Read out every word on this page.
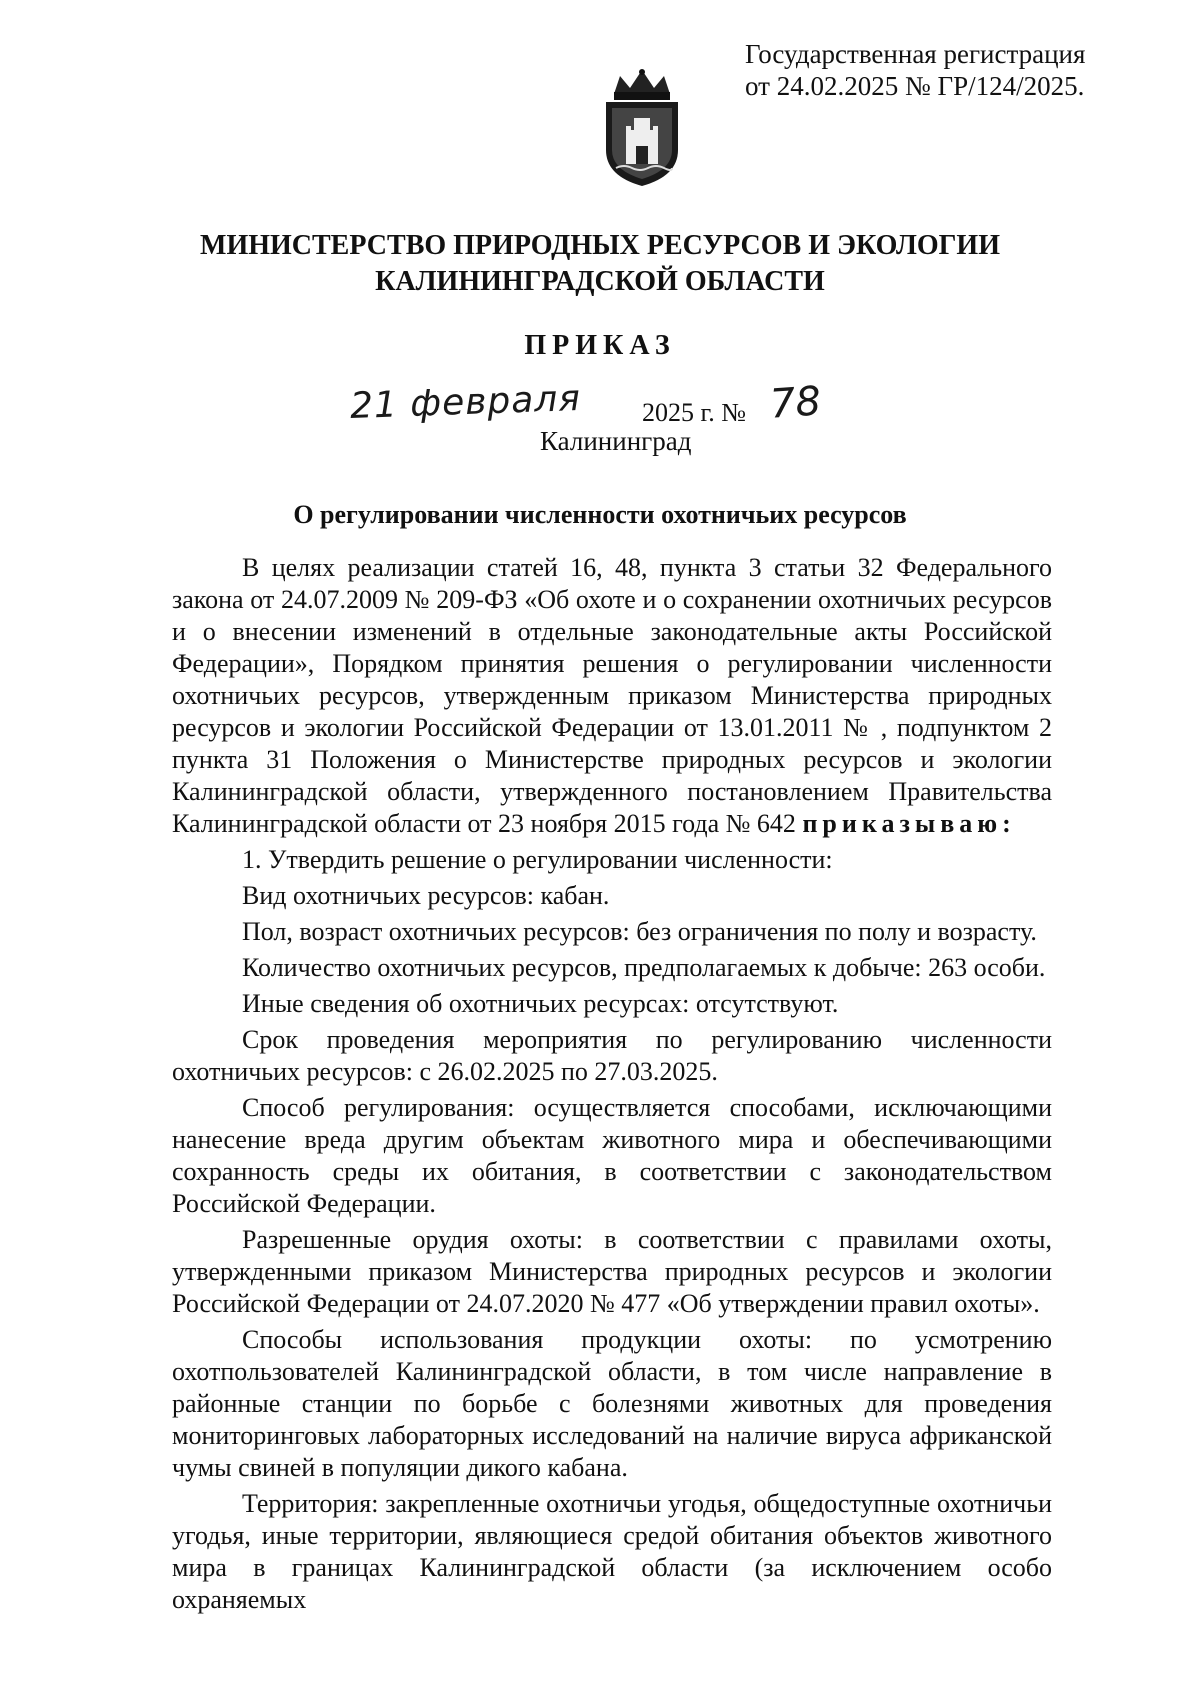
Государственная регистрация
от 24.02.2025 № ГР/124/2025.
МИНИСТЕРСТВО ПРИРОДНЫХ РЕСУРСОВ И ЭКОЛОГИИ
КАЛИНИНГРАДСКОЙ ОБЛАСТИ
ПРИКАЗ
21 февраля 2025 г. № 78
Калининград
О регулировании численности охотничьих ресурсов

В целях реализации статей 16, 48, пункта 3 статьи 32 Федерального закона от 24.07.2009 № 209-ФЗ «Об охоте и о сохранении охотничьих ресурсов и о внесении изменений в отдельные законодательные акты Российской Федерации», Порядком принятия решения о регулировании численности охотничьих ресурсов, утвержденным приказом Министерства природных ресурсов и экологии Российской Федерации от 13.01.2011 № , подпунктом 2 пункта 31 Положения о Министерстве природных ресурсов и экологии Калининградской области, утвержденного постановлением Правительства Калининградской области от 23 ноября 2015 года № 642 приказываю:

1. Утвердить решение о регулировании численности:

Вид охотничьих ресурсов: кабан.

Пол, возраст охотничьих ресурсов: без ограничения по полу и возрасту.

Количество охотничьих ресурсов, предполагаемых к добыче: 263 особи.

Иные сведения об охотничьих ресурсах: отсутствуют.

Срок проведения мероприятия по регулированию численности охотничьих ресурсов: с 26.02.2025 по 27.03.2025.

Способ регулирования: осуществляется способами, исключающими нанесение вреда другим объектам животного мира и обеспечивающими сохранность среды их обитания, в соответствии с законодательством Российской Федерации.

Разрешенные орудия охоты: в соответствии с правилами охоты, утвержденными приказом Министерства природных ресурсов и экологии Российской Федерации от 24.07.2020 № 477 «Об утверждении правил охоты».

Способы использования продукции охоты: по усмотрению охотпользователей Калининградской области, в том числе направление в районные станции по борьбе с болезнями животных для проведения мониторинговых лабораторных исследований на наличие вируса африканской чумы свиней в популяции дикого кабана.

Территория: закрепленные охотничьи угодья, общедоступные охотничьи угодья, иные территории, являющиеся средой обитания объектов животного мира в границах Калининградской области (за исключением особо охраняемых
